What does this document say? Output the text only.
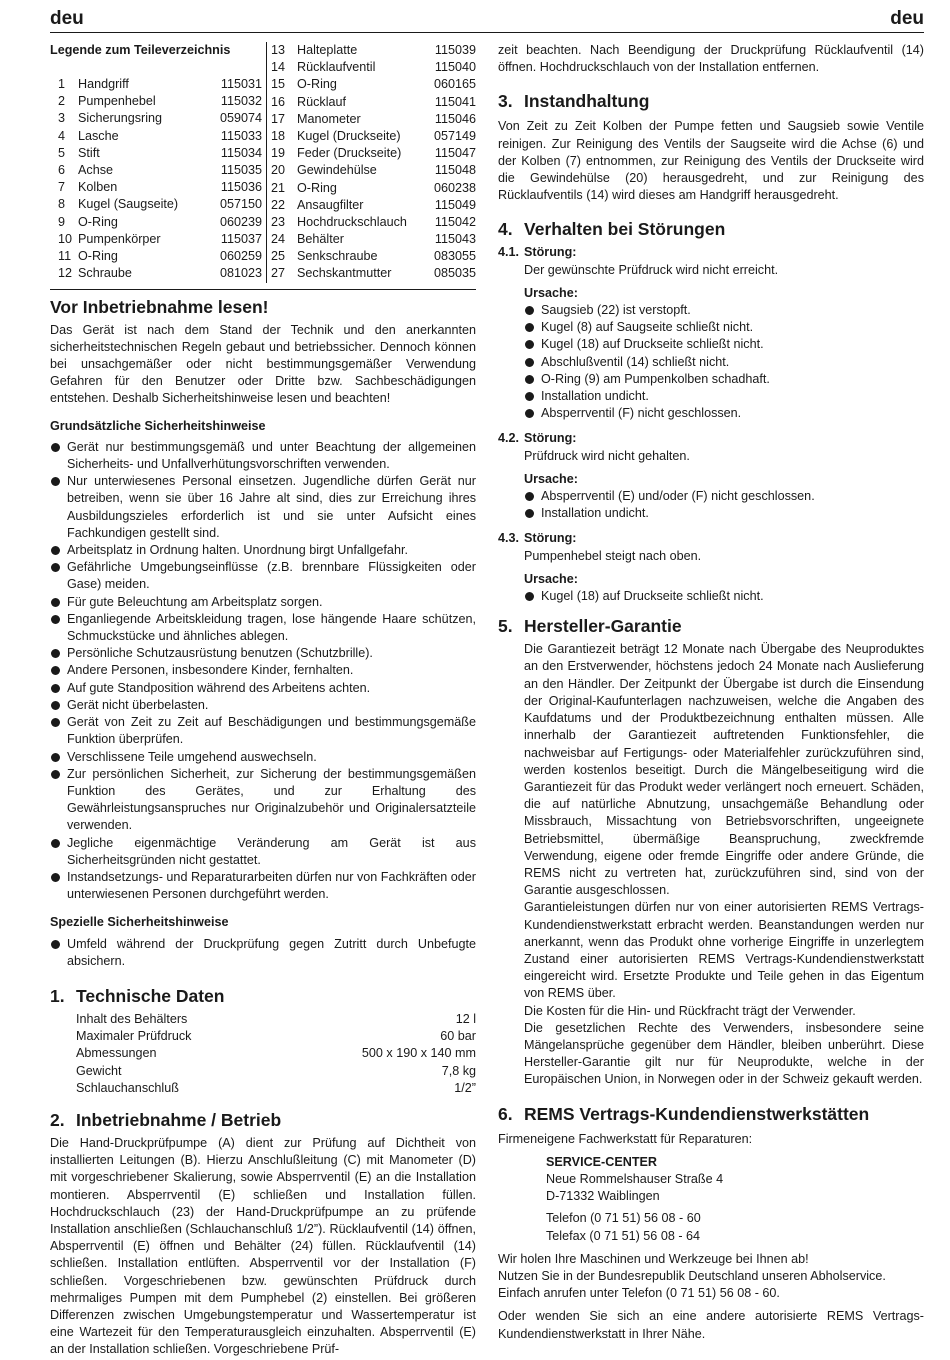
deu	deu
Legende zum Teileverzeichnis
1	Handgriff	115031
2	Pumpenhebel	115032
3	Sicherungsring	059074
4	Lasche	115033
5	Stift	115034
6	Achse	115035
7	Kolben	115036
8	Kugel (Saugseite)	057150
9	O-Ring	060239
10 Pumpenkörper	115037
11 O-Ring	060259
12 Schraube	081023
13 Halteplatte	115039
14 Rücklaufventil	115040
15 O-Ring	060165
16 Rücklauf	115041
17 Manometer	115046
18 Kugel (Druckseite)	057149
19 Feder (Druckseite)	115047
20 Gewindehülse	115048
21 O-Ring	060238
22 Ansaugfilter	115049
23 Hochdruckschlauch	115042
24 Behälter	115043
25 Senkschraube	083055
27 Sechskantmutter	085035
Vor Inbetriebnahme lesen!

Das Gerät ist nach dem Stand der Technik und den anerkannten sicherheitstechnischen Regeln gebaut und betriebssicher. Dennoch können bei unsachgemäßer oder nicht bestimmungsgemäßer Verwendung Gefahren für den Benutzer oder Dritte bzw. Sachbeschädigungen entstehen. Deshalb Sicherheitshinweise lesen und beachten!

Grundsätzliche Sicherheitshinweise
Gerät nur bestimmungsgemäß und unter Beachtung der allgemeinen Sicherheits- und Unfallverhütungsvorschriften verwenden.
Nur unterwiesenes Personal einsetzen. Jugendliche dürfen Gerät nur betreiben, wenn sie über 16 Jahre alt sind, dies zur Erreichung ihres Ausbildungszieles erforderlich ist und sie unter Aufsicht eines Fachkundigen gestellt sind.
Arbeitsplatz in Ordnung halten. Unordnung birgt Unfallgefahr.
Gefährliche Umgebungseinflüsse (z.B. brennbare Flüssigkeiten oder Gase) meiden.
Für gute Beleuchtung am Arbeitsplatz sorgen.
Enganliegende Arbeitskleidung tragen, lose hängende Haare schützen, Schmuckstücke und ähnliches ablegen.
Persönliche Schutzausrüstung benutzen (Schutzbrille).
Andere Personen, insbesondere Kinder, fernhalten.
Auf gute Standposition während des Arbeitens achten.
Gerät nicht überbelasten.
Gerät von Zeit zu Zeit auf Beschädigungen und bestimmungsgemäße Funktion überprüfen.
Verschlissene Teile umgehend auswechseln.
Zur persönlichen Sicherheit, zur Sicherung der bestimmungsgemäßen Funktion des Gerätes, und zur Erhaltung des Gewährleistungsanspruches nur Originalzubehör und Originalersatzteile verwenden.
Jegliche eigenmächtige Veränderung am Gerät ist aus Sicherheitsgründen nicht gestattet.
Instandsetzungs- und Reparaturarbeiten dürfen nur von Fachkräften oder unterwiesenen Personen durchgeführt werden.
Spezielle Sicherheitshinweise
Umfeld während der Druckprüfung gegen Zutritt durch Unbefugte absichern.
1. Technische Daten
Inhalt des Behälters	12 l
Maximaler Prüfdruck	60 bar
Abmessungen	500 x 190 x 140 mm
Gewicht	7,8 kg
Schlauchanschluß	1/2”
2. Inbetriebnahme / Betrieb

Die Hand-Druckprüfpumpe (A) dient zur Prüfung auf Dichtheit von installierten Leitungen (B). Hierzu Anschlußleitung (C) mit Manometer (D) mit vorgeschriebener Skalierung, sowie Absperrventil (E) an die Installation montieren. Absperrventil (E) schließen und Installation füllen. Hochdruckschlauch (23) der Hand-Druckprüfpumpe an zu prüfende Installation anschließen (Schlauchanschluß 1/2”). Rücklaufventil (14) öffnen, Absperrventil (E) öffnen und Behälter (24) füllen. Rücklaufventil (14) schließen. Installation entlüften. Absperrventil vor der Installation (F) schließen. Vorgeschriebenen bzw. gewünschten Prüfdruck durch mehrmaliges Pumpen mit dem Pumphebel (2) einstellen. Bei größeren Differenzen zwischen Umgebungstemperatur und Wassertemperatur ist eine Wartezeit für den Temperaturausgleich einzuhalten. Absperrventil (E) an der Installation schließen. Vorgeschriebene Prüf-

zeit beachten. Nach Beendigung der Druckprüfung Rücklaufventil (14) öffnen. Hochdruckschlauch von der Installation entfernen.

3. Instandhaltung

Von Zeit zu Zeit Kolben der Pumpe fetten und Saugsieb sowie Ventile reinigen. Zur Reinigung des Ventils der Saugseite wird die Achse (6) und der Kolben (7) entnommen, zur Reinigung des Ventils der Druckseite wird die Gewindehülse (20) herausgedreht, und zur Reinigung des Rücklaufventils (14) wird dieses am Handgriff herausgedreht.

4. Verhalten bei Störungen
4.1. Störung:
Der gewünschte Prüfdruck wird nicht erreicht.
Ursache:
Saugsieb (22) ist verstopft.
Kugel (8) auf Saugseite schließt nicht.
Kugel (18) auf Druckseite schließt nicht.
Abschlußventil (14) schließt nicht.
O-Ring (9) am Pumpenkolben schadhaft.
Installation undicht.
Absperrventil (F) nicht geschlossen.
4.2. Störung:
Prüfdruck wird nicht gehalten.
Ursache:
Absperrventil (E) und/oder (F) nicht geschlossen.
Installation undicht.
4.3. Störung:
Pumpenhebel steigt nach oben.
Ursache:
Kugel (18) auf Druckseite schließt nicht.
5. Hersteller-Garantie

Die Garantiezeit beträgt 12 Monate nach Übergabe des Neuproduktes an den Erstverwender, höchstens jedoch 24 Monate nach Auslieferung an den Händler. Der Zeitpunkt der Übergabe ist durch die Einsendung der Original-Kaufunterlagen nachzuweisen, welche die Angaben des Kaufdatums und der Produktbezeichnung enthalten müssen. Alle innerhalb der Garantiezeit auftretenden Funktionsfehler, die nachweisbar auf Fertigungs- oder Materialfehler zurückzuführen sind, werden kostenlos beseitigt. Durch die Mängelbeseitigung wird die Garantiezeit für das Produkt weder verlängert noch erneuert. Schäden, die auf natürliche Abnutzung, unsachgemäße Behandlung oder Missbrauch, Missachtung von Betriebsvorschriften, ungeeignete Betriebsmittel, übermäßige Beanspruchung, zweckfremde Verwendung, eigene oder fremde Eingriffe oder andere Gründe, die REMS nicht zu vertreten hat, zurückzuführen sind, sind von der Garantie ausgeschlossen.

Garantieleistungen dürfen nur von einer autorisierten REMS Vertrags-Kundendienstwerkstatt erbracht werden. Beanstandungen werden nur anerkannt, wenn das Produkt ohne vorherige Eingriffe in unzerlegtem Zustand einer autorisierten REMS Vertrags-Kundendienstwerkstatt eingereicht wird. Ersetzte Produkte und Teile gehen in das Eigentum von REMS über.

Die Kosten für die Hin- und Rückfracht trägt der Verwender.

Die gesetzlichen Rechte des Verwenders, insbesondere seine Mängelansprüche gegenüber dem Händler, bleiben unberührt. Diese Hersteller-Garantie gilt nur für Neuprodukte, welche in der Europäischen Union, in Norwegen oder in der Schweiz gekauft werden.

6. REMS Vertrags-Kundendienstwerkstätten

Firmeneigene Fachwerkstatt für Reparaturen:

SERVICE-CENTER
Neue Rommelshauser Straße 4
D-71332 Waiblingen
Telefon (0 71 51) 56 08 - 60
Telefax (0 71 51) 56 08 - 64
Wir holen Ihre Maschinen und Werkzeuge bei Ihnen ab!
Nutzen Sie in der Bundesrepublik Deutschland unseren Abholservice.
Einfach anrufen unter Telefon (0 71 51) 56 08 - 60.

Oder wenden Sie sich an eine andere autorisierte REMS Vertrags-Kundendienstwerkstatt in Ihrer Nähe.
